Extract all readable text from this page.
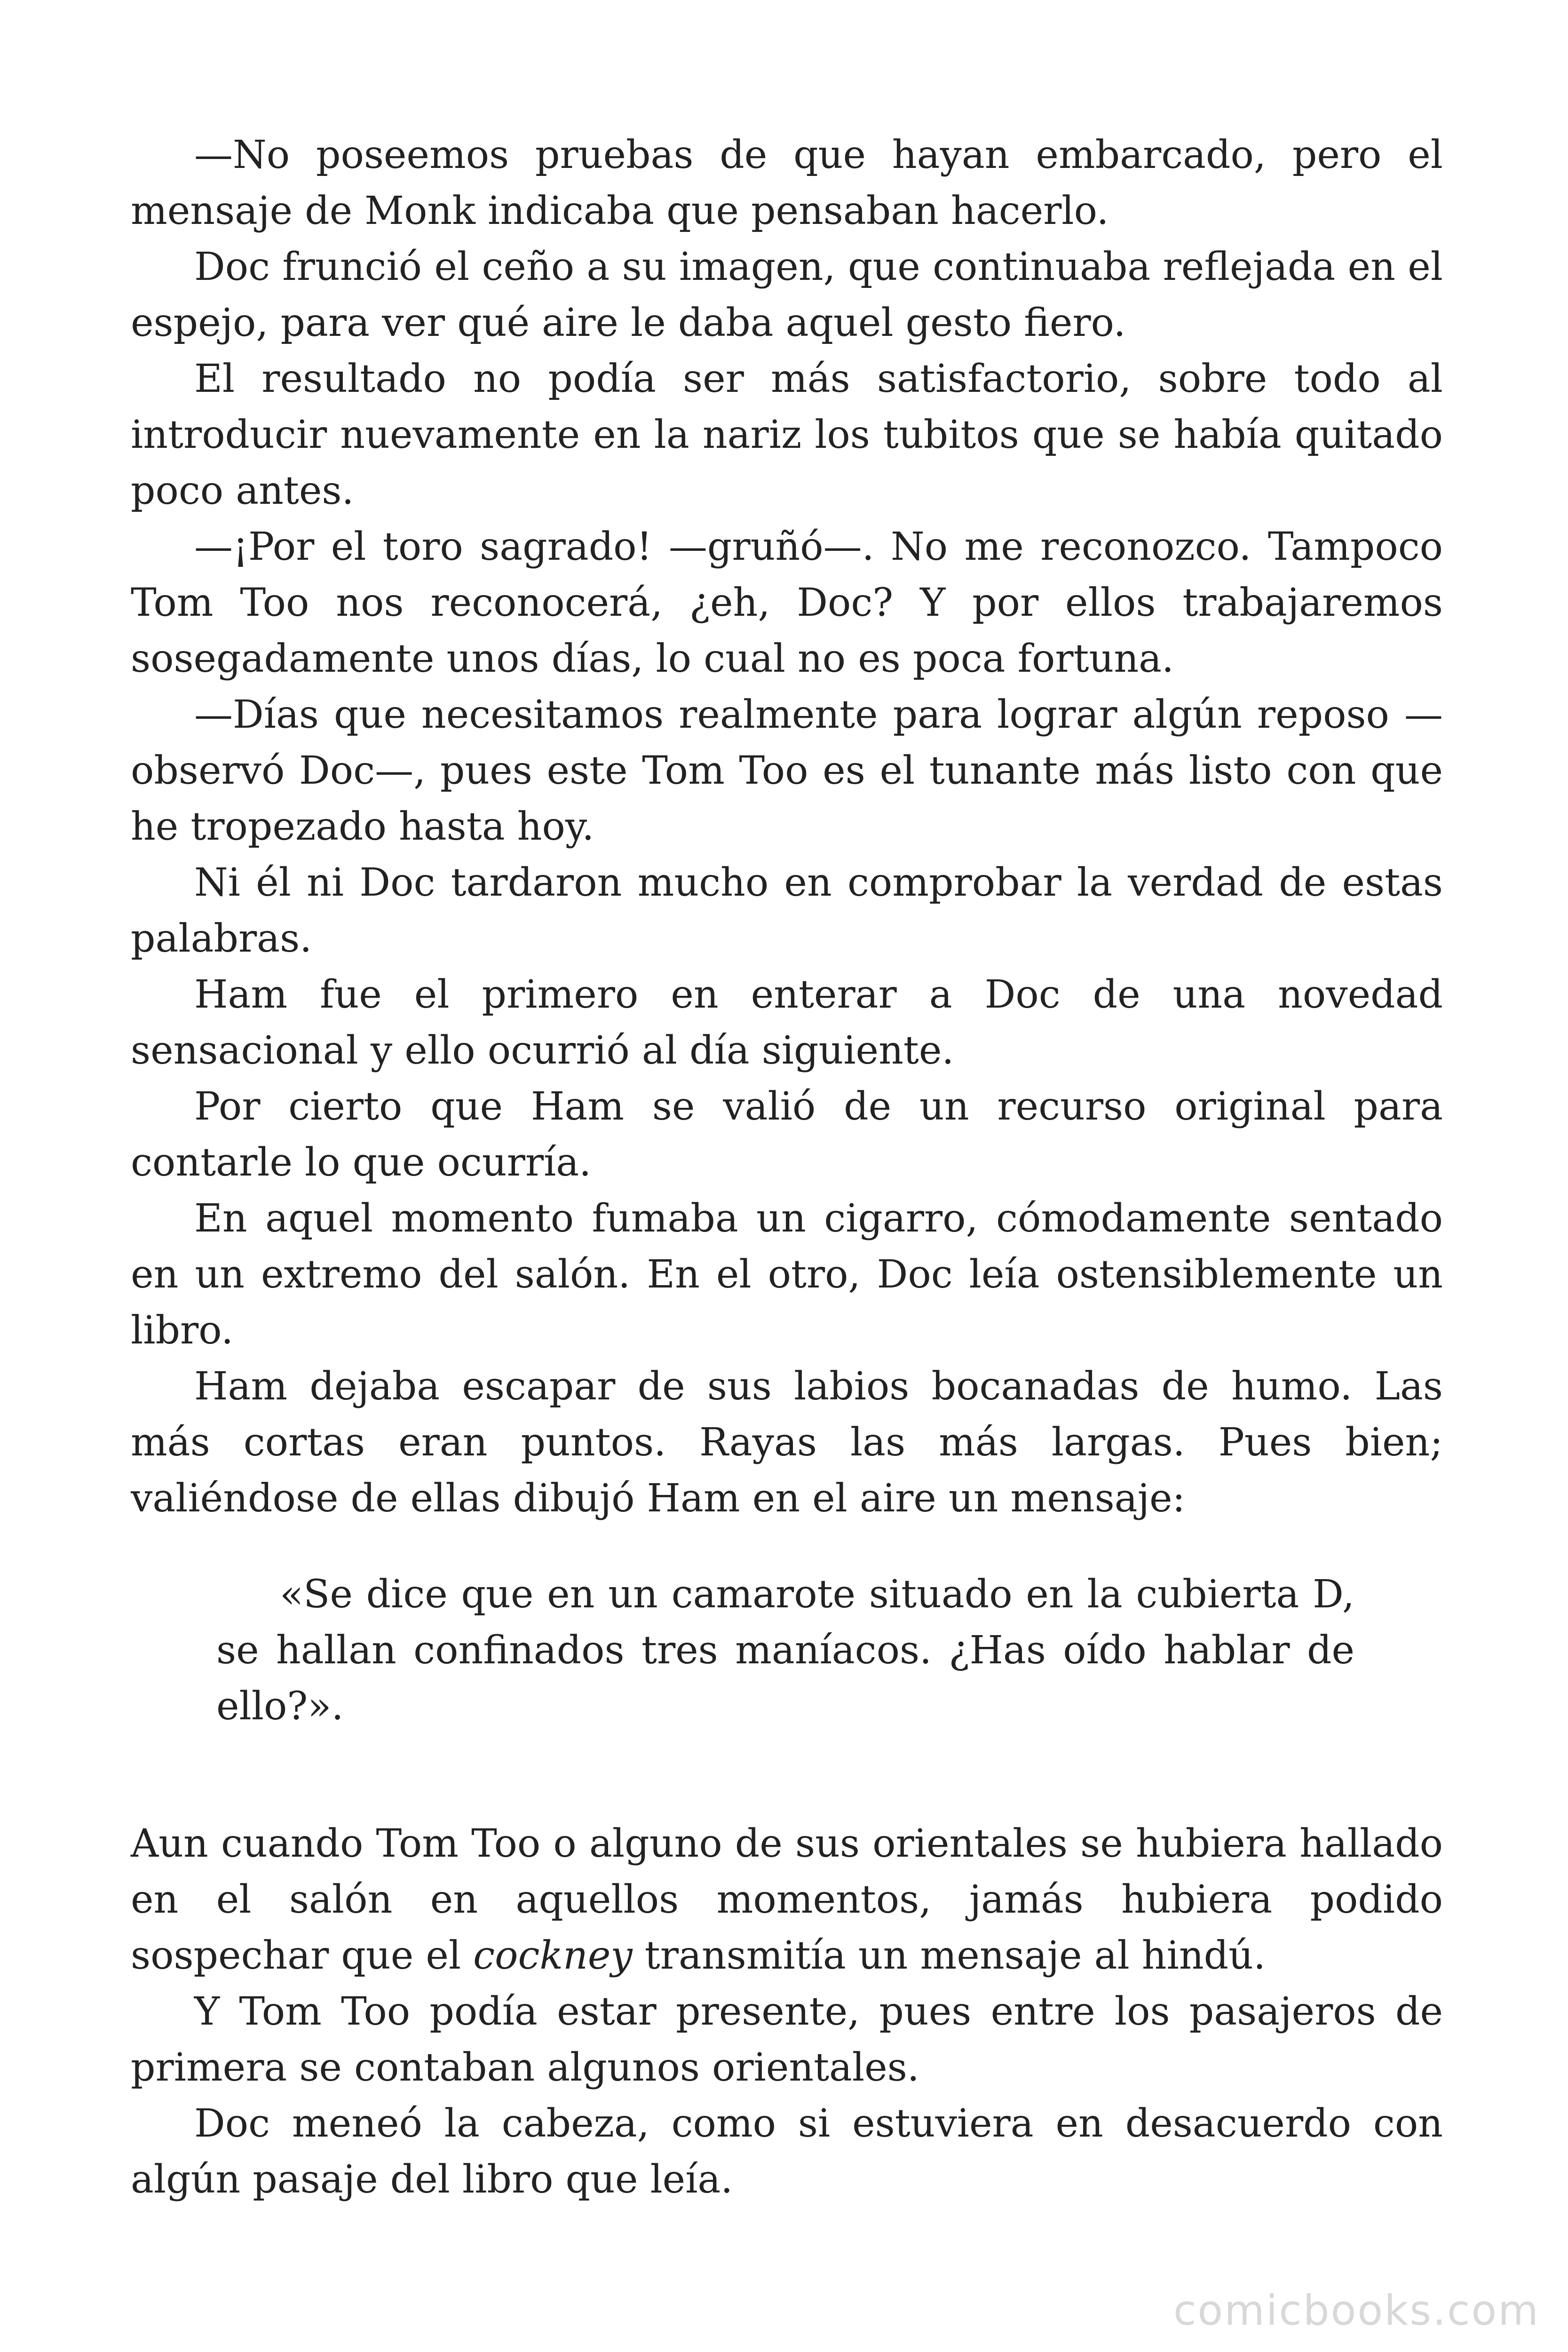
—No poseemos pruebas de que hayan embarcado, pero el mensaje de Monk indicaba que pensaban hacerlo.

Doc frunció el ceño a su imagen, que continuaba reflejada en el espejo, para ver qué aire le daba aquel gesto fiero.

El resultado no podía ser más satisfactorio, sobre todo al introducir nuevamente en la nariz los tubitos que se había quitado poco antes.

—¡Por el toro sagrado! —gruñó—. No me reconozco. Tampoco Tom Too nos reconocerá, ¿eh, Doc? Y por ellos trabajaremos sosegadamente unos días, lo cual no es poca fortuna.

—Días que necesitamos realmente para lograr algún reposo —observó Doc—, pues este Tom Too es el tunante más listo con que he tropezado hasta hoy.

Ni él ni Doc tardaron mucho en comprobar la verdad de estas palabras.

Ham fue el primero en enterar a Doc de una novedad sensacional y ello ocurrió al día siguiente.

Por cierto que Ham se valió de un recurso original para contarle lo que ocurría.

En aquel momento fumaba un cigarro, cómodamente sentado en un extremo del salón. En el otro, Doc leía ostensiblemente un libro.

Ham dejaba escapar de sus labios bocanadas de humo. Las más cortas eran puntos. Rayas las más largas. Pues bien; valiéndose de ellas dibujó Ham en el aire un mensaje:

«Se dice que en un camarote situado en la cubierta D, se hallan confinados tres maníacos. ¿Has oído hablar de ello?».

Aun cuando Tom Too o alguno de sus orientales se hubiera hallado en el salón en aquellos momentos, jamás hubiera podido sospechar que el cockney transmitía un mensaje al hindú.

Y Tom Too podía estar presente, pues entre los pasajeros de primera se contaban algunos orientales.

Doc meneó la cabeza, como si estuviera en desacuerdo con algún pasaje del libro que leía.

comicbooks.com
